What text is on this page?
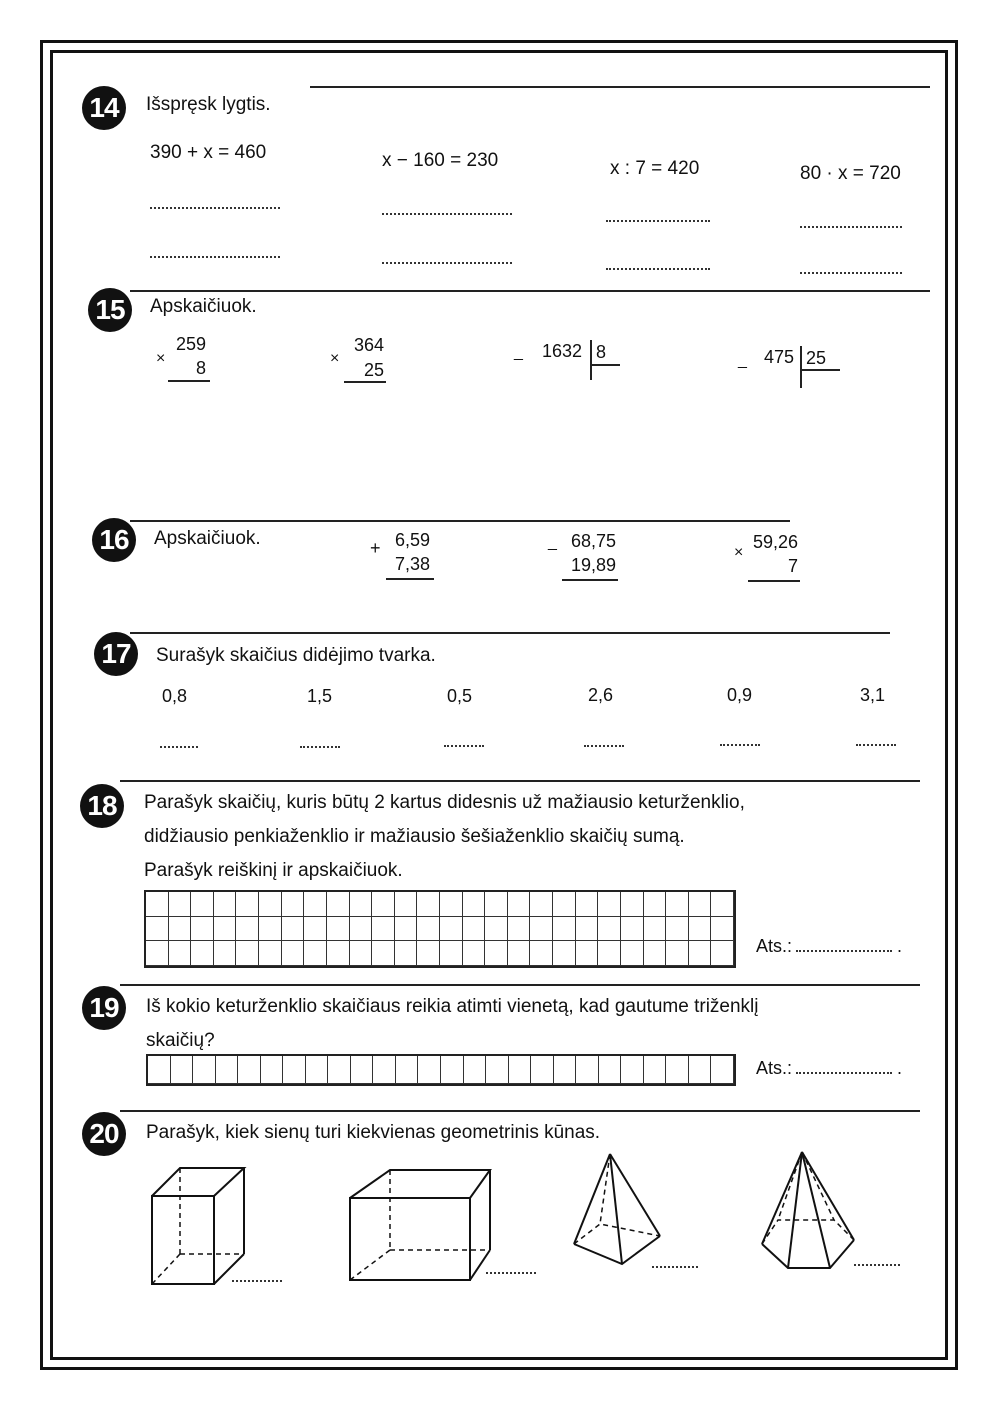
14	Išspręsk lygtis.
390 + x = 460	x − 160 = 230	x : 7 = 420	80 · x = 720
15	Apskaičiuok.
×
259
8	×
364
25
_	1632 8	_ 475 25
16	Apskaičiuok.	+ 6,59
7,38
_ 68,75
19,89
×
59,26
7
17	Surašyk skaičius didėjimo tvarka.
0,8	1,5	0,5	2,6	0,9	3,1
18	Parašyk skaičių, kuris būtų 2 kartus didesnis už mažiausio keturženklio,
didžiausio penkiaženklio ir mažiausio šešiaženklio skaičių sumą.
Parašyk reiškinį ir apskaičiuok.
Ats.:	.
19	Iš kokio keturženklio skaičiaus reikia atimti vienetą, kad gautume triženklį
skaičių?
Ats.:	.
20	Parašyk, kiek sienų turi kiekvienas geometrinis kūnas.
